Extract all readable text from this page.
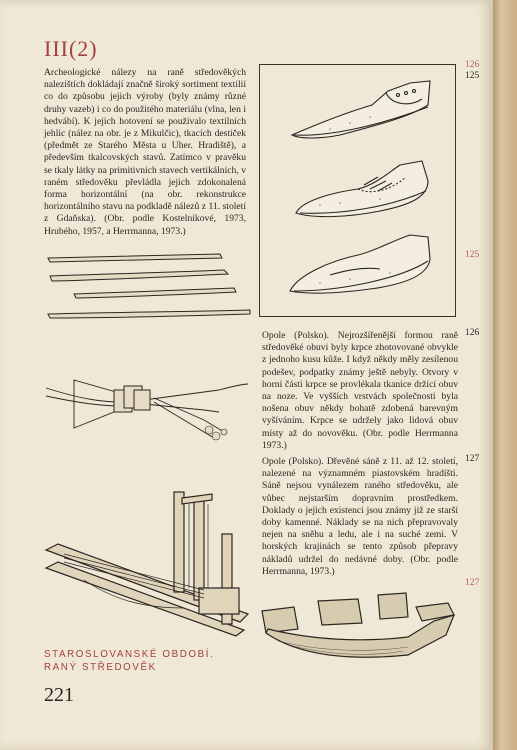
III(2)

Archeologické nálezy na raně středověkých nalezištích dokládají značně široký sortiment textilií co do způsobu jejich výroby (byly známy různé druhy vazeb) i co do použitého materiálu (vlna, len i hedvábí). K jejich hotovení se používalo textilních jehlic (nález na obr. je z Mikulčic), tkacích destiček (předmět ze Starého Města u Uher. Hradiště), a především tkalcovských stavů. Zatímco v pravěku se tkaly látky na primitivních stavech vertikálních, v raném středověku převládla jejich zdokonalená forma horizontální (na obr. rekonstrukce horizontálního stavu na podkladě nálezů z 11. století z Gdaňska). (Obr. podle Kostelnikové, 1973, Hrubého, 1957, a Herrmanna, 1973.)

126

125

125

126

127

127

Opole (Polsko). Nejrozšířenější formou raně středověké obuvi byly krpce zhotovované obvykle z jednoho kusu kůže. I když někdy měly zesílenou podešev, podpatky známy ještě nebyly. Otvory v horní části krpce se provlékala tkanice držící obuv na noze. Ve vyšších vrstvách společnosti byla nošena obuv někdy bohatě zdobená barevným vyšíváním. Krpce se udržely jako lidová obuv místy až do novověku. (Obr. podle Herrmanna 1973.)

Opole (Polsko). Dřevěné sáně z 11. až 12. století, nalezené na významném piastovském hradišti. Sáně nejsou vynálezem raného středověku, ale vůbec nejstarším dopravním prostředkem. Doklady o jejich existenci jsou známy již ze starší doby kamenné. Náklady se na nich přepravovaly nejen na sněhu a ledu, ale i na suché zemi. V horských krajinách se tento způsob přepravy nákladů udržel do nedávné doby. (Obr. podle Herrmanna, 1973.)

STAROSLOVANSKÉ OBDOBÍ.
RANÝ STŘEDOVĚK

221
